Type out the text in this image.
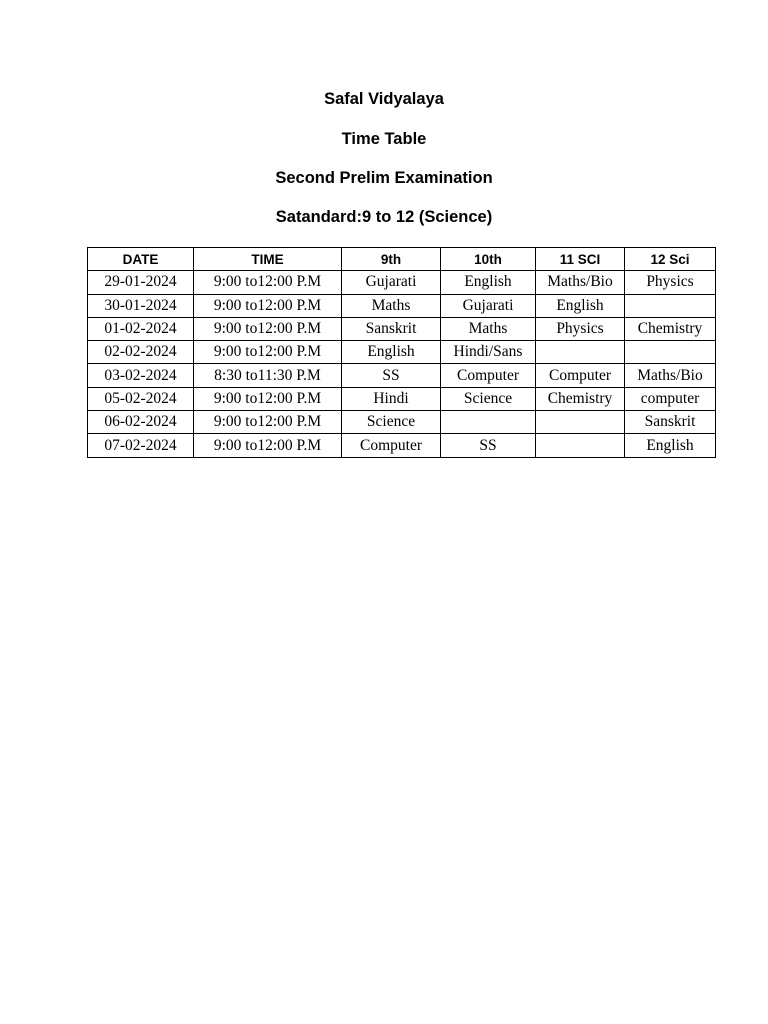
Safal Vidyalaya
Time Table
Second Prelim Examination
Satandard:9 to 12 (Science)
DATE	TIME	9th	10th	11 SCI	12 Sci
29-01-2024	9:00 to12:00 P.M	Gujarati	English	Maths/Bio	Physics
30-01-2024	9:00 to12:00 P.M	Maths	Gujarati	English	
01-02-2024	9:00 to12:00 P.M	Sanskrit	Maths	Physics	Chemistry
02-02-2024	9:00 to12:00 P.M	English	Hindi/Sans		
03-02-2024	8:30 to11:30 P.M	SS	Computer	Computer	Maths/Bio
05-02-2024	9:00 to12:00 P.M	Hindi	Science	Chemistry	computer
06-02-2024	9:00 to12:00 P.M	Science			Sanskrit
07-02-2024	9:00 to12:00 P.M	Computer	SS		English
